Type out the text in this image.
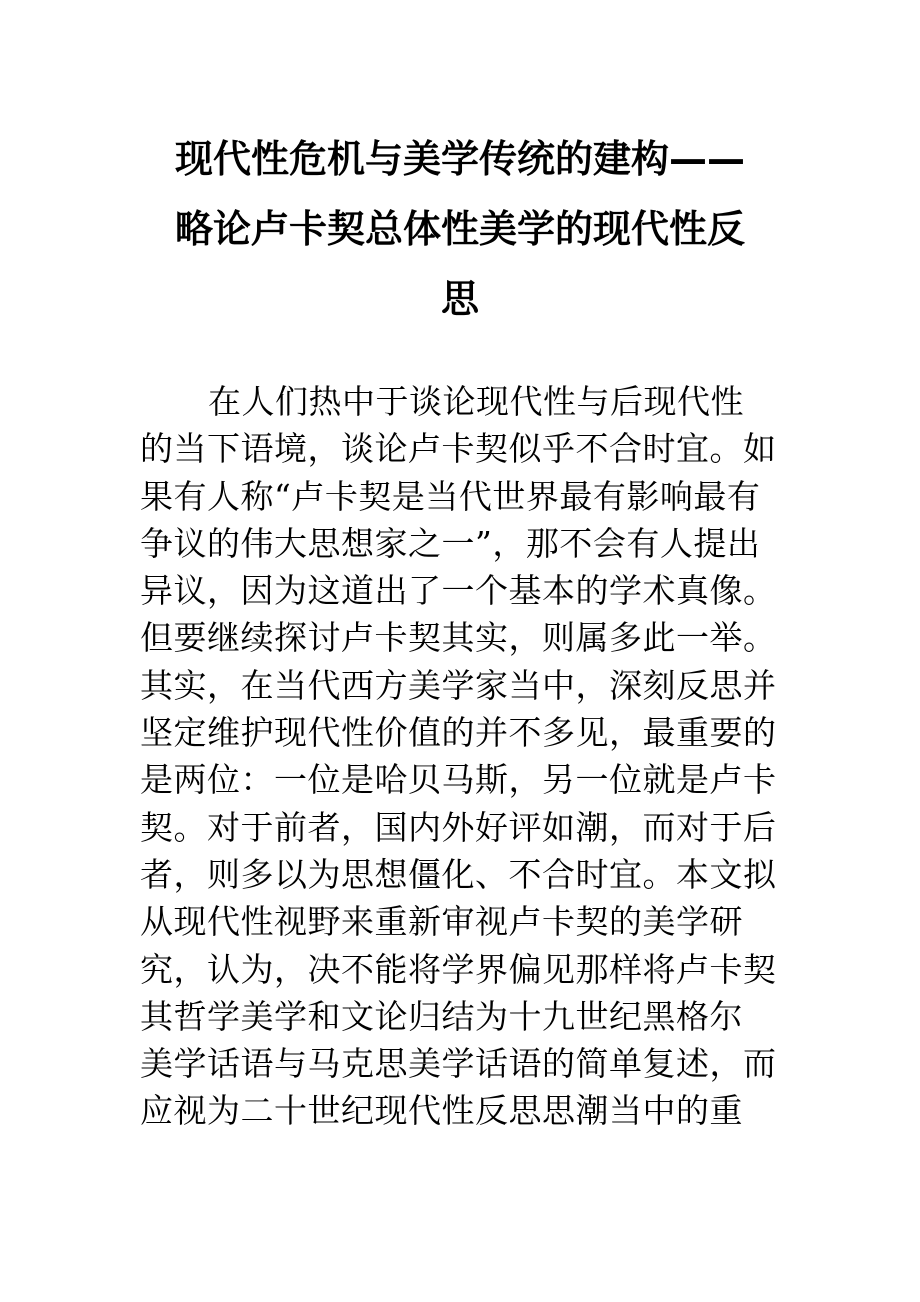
现代性危机与美学传统的建构——
略论卢卡契总体性美学的现代性反
思
在人们热中于谈论现代性与后现代性
的当下语境，谈论卢卡契似乎不合时宜。如
果有人称“卢卡契是当代世界最有影响最有
争议的伟大思想家之一”，那不会有人提出
异议，因为这道出了一个基本的学术真像。
但要继续探讨卢卡契其实，则属多此一举。
其实，在当代西方美学家当中，深刻反思并
坚定维护现代性价值的并不多见，最重要的
是两位：一位是哈贝马斯，另一位就是卢卡
契。对于前者，国内外好评如潮，而对于后
者，则多以为思想僵化、不合时宜。本文拟
从现代性视野来重新审视卢卡契的美学研
究，认为，决不能将学界偏见那样将卢卡契
其哲学美学和文论归结为十九世纪黑格尔
美学话语与马克思美学话语的简单复述，而
应视为二十世纪现代性反思思潮当中的重
